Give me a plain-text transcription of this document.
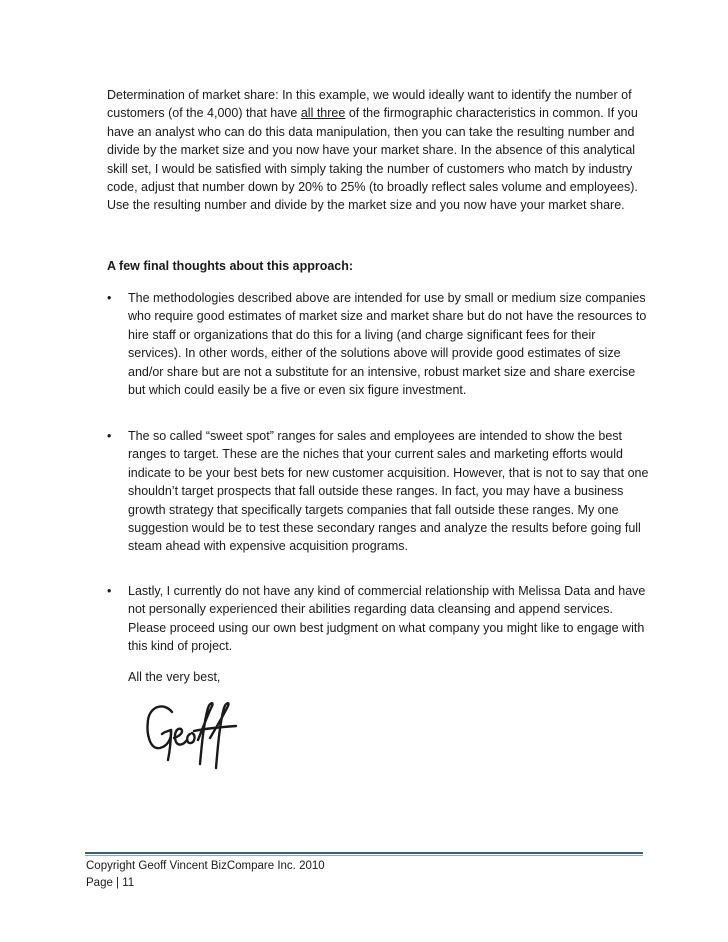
Determination of market share: In this example, we would ideally want to identify the number of customers (of the 4,000) that have all three of the firmographic characteristics in common. If you have an analyst who can do this data manipulation, then you can take the resulting number and divide by the market size and you now have your market share. In the absence of this analytical skill set, I would be satisfied with simply taking the number of customers who match by industry code, adjust that number down by 20% to 25% (to broadly reflect sales volume and employees). Use the resulting number and divide by the market size and you now have your market share.

A few final thoughts about this approach:

• The methodologies described above are intended for use by small or medium size companies who require good estimates of market size and market share but do not have the resources to hire staff or organizations that do this for a living (and charge significant fees for their services). In other words, either of the solutions above will provide good estimates of size and/or share but are not a substitute for an intensive, robust market size and share exercise but which could easily be a five or even six figure investment.

• The so called “sweet spot” ranges for sales and employees are intended to show the best ranges to target. These are the niches that your current sales and marketing efforts would indicate to be your best bets for new customer acquisition. However, that is not to say that one shouldn’t target prospects that fall outside these ranges. In fact, you may have a business growth strategy that specifically targets companies that fall outside these ranges. My one suggestion would be to test these secondary ranges and analyze the results before going full steam ahead with expensive acquisition programs.

• Lastly, I currently do not have any kind of commercial relationship with Melissa Data and have not personally experienced their abilities regarding data cleansing and append services. Please proceed using our own best judgment on what company you might like to engage with this kind of project.

All the very best,

Copyright Geoff Vincent BizCompare Inc. 2010
Page | 11
